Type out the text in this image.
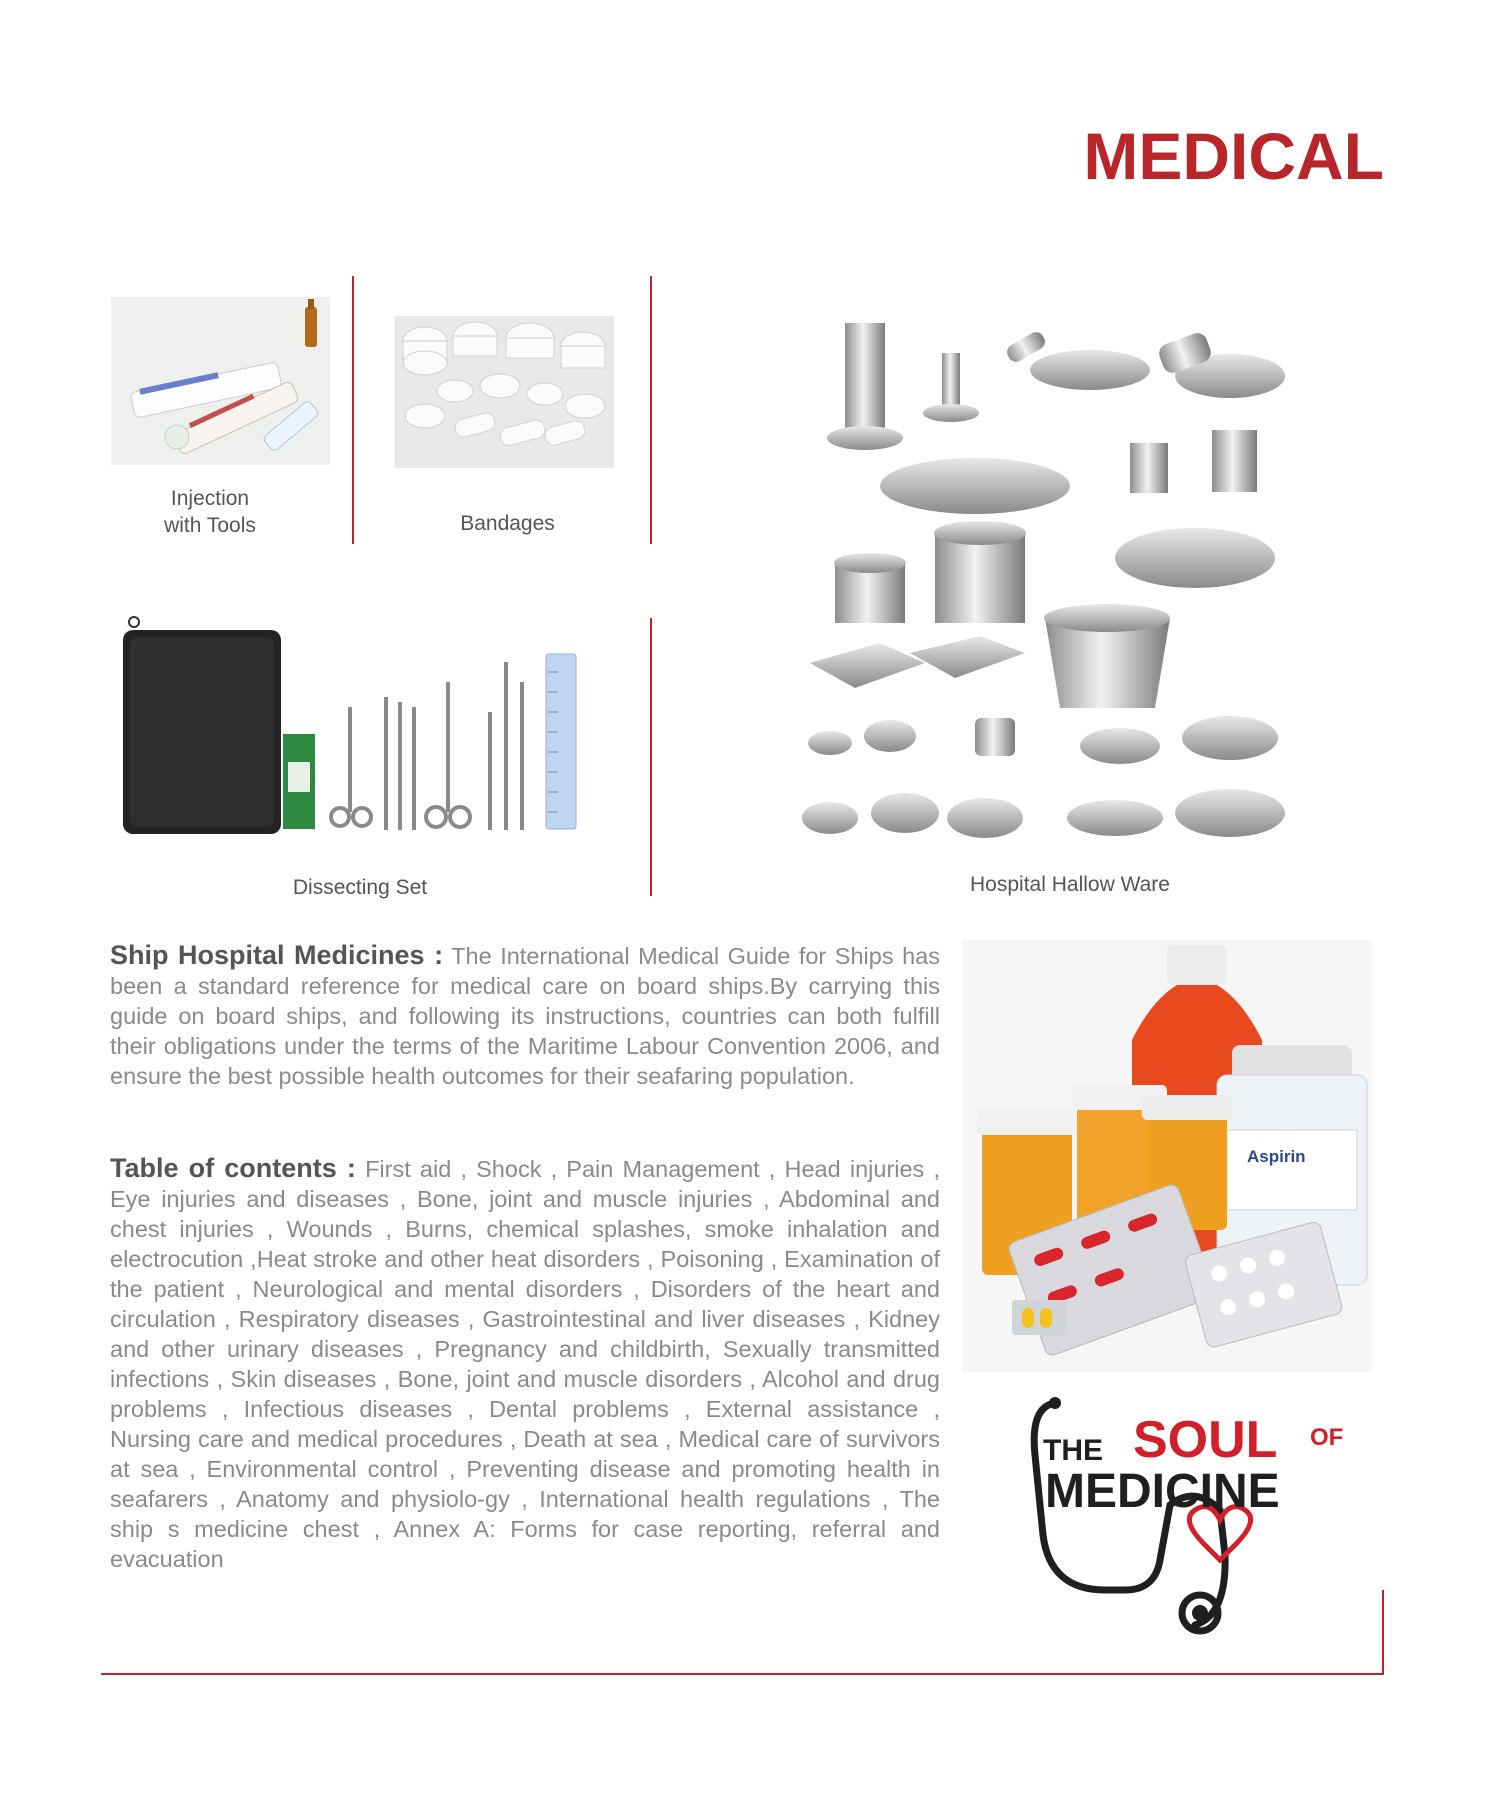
MEDICAL
Injection
with Tools	Bandages
Dissecting Set	Hospital Hallow Ware
Ship Hospital Medicines : The International Medical Guide for Ships has been a standard reference for medical care on board ships.By carrying this guide on board ships, and following its instructions, countries can both fulfill their obligations under the terms of the Maritime Labour Convention 2006, and ensure the best possible health outcomes for their seafaring population.
Table of contents : First aid , Shock , Pain Management , Head injuries , Eye injuries and diseases , Bone, joint and muscle injuries , Abdominal and chest injuries , Wounds , Burns, chemical splashes, smoke inhalation and electrocution ,Heat stroke and other heat disorders , Poisoning , Examination of the patient , Neurological and mental disorders , Disorders of the heart and circulation , Respiratory diseases , Gastrointestinal and liver diseases , Kidney and other urinary diseases , Pregnancy and childbirth, Sexually transmitted infections , Skin diseases , Bone, joint and muscle disorders , Alcohol and drug problems , Infectious diseases , Dental problems , External assistance , Nursing care and medical procedures , Death at sea , Medical care of survivors at sea , Environmental control , Preventing disease and promoting health in seafarers , Anatomy and physiolo-gy , International health regulations , The ship s medicine chest , Annex A: Forms for case reporting, referral and evacuation
Aspirin
THE SOUL OF
MEDICINE
